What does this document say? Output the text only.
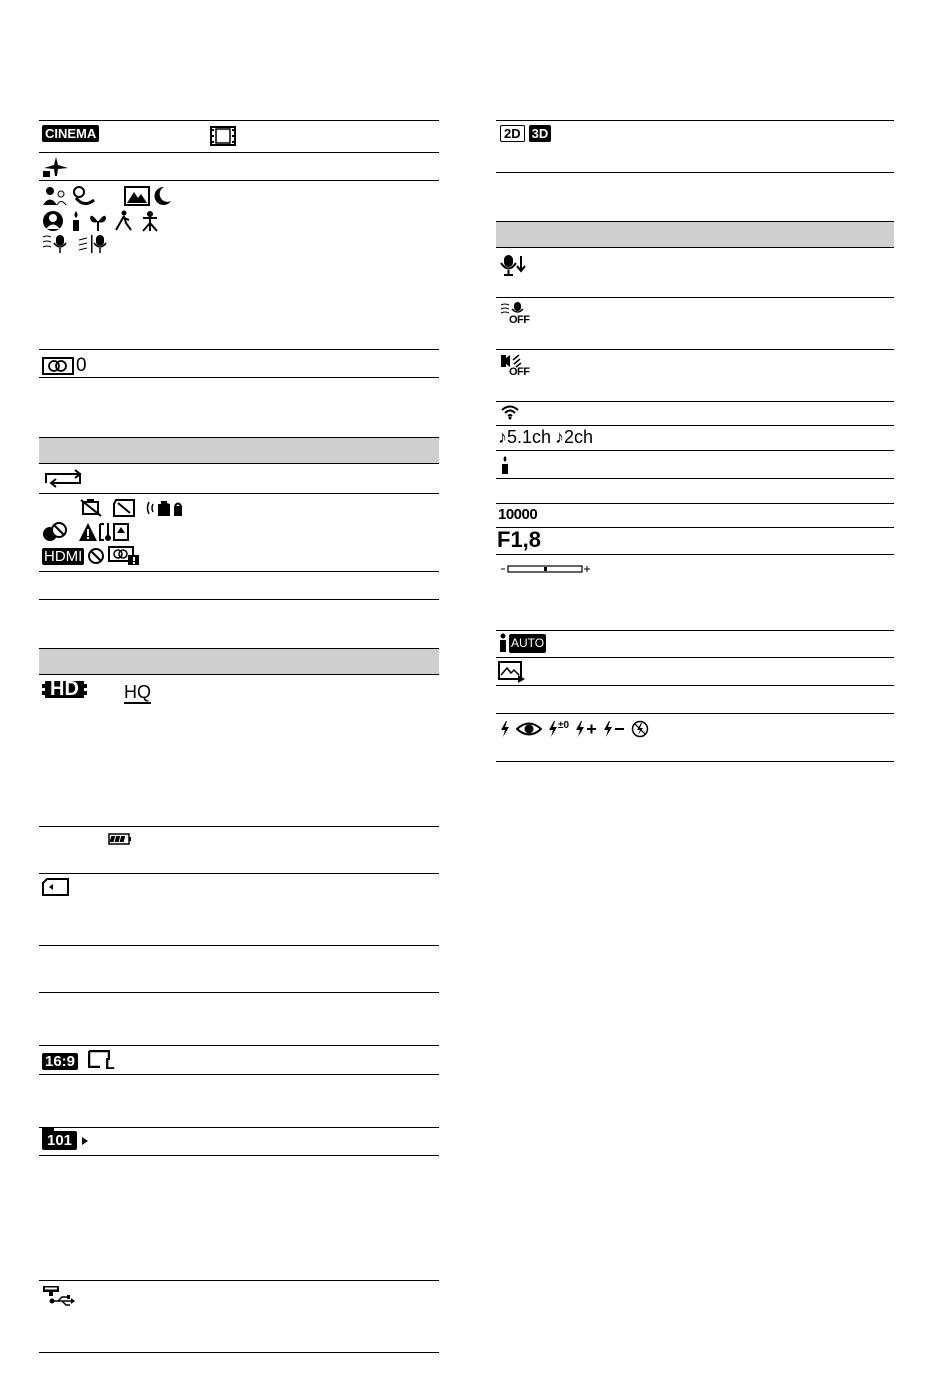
CINEMA
0
HDMI
HD	HQ
16:9 L
101
2D 3D
OFF
OFF
♪5.1ch ♪2ch
10000
F1,8
AUTO
±0
